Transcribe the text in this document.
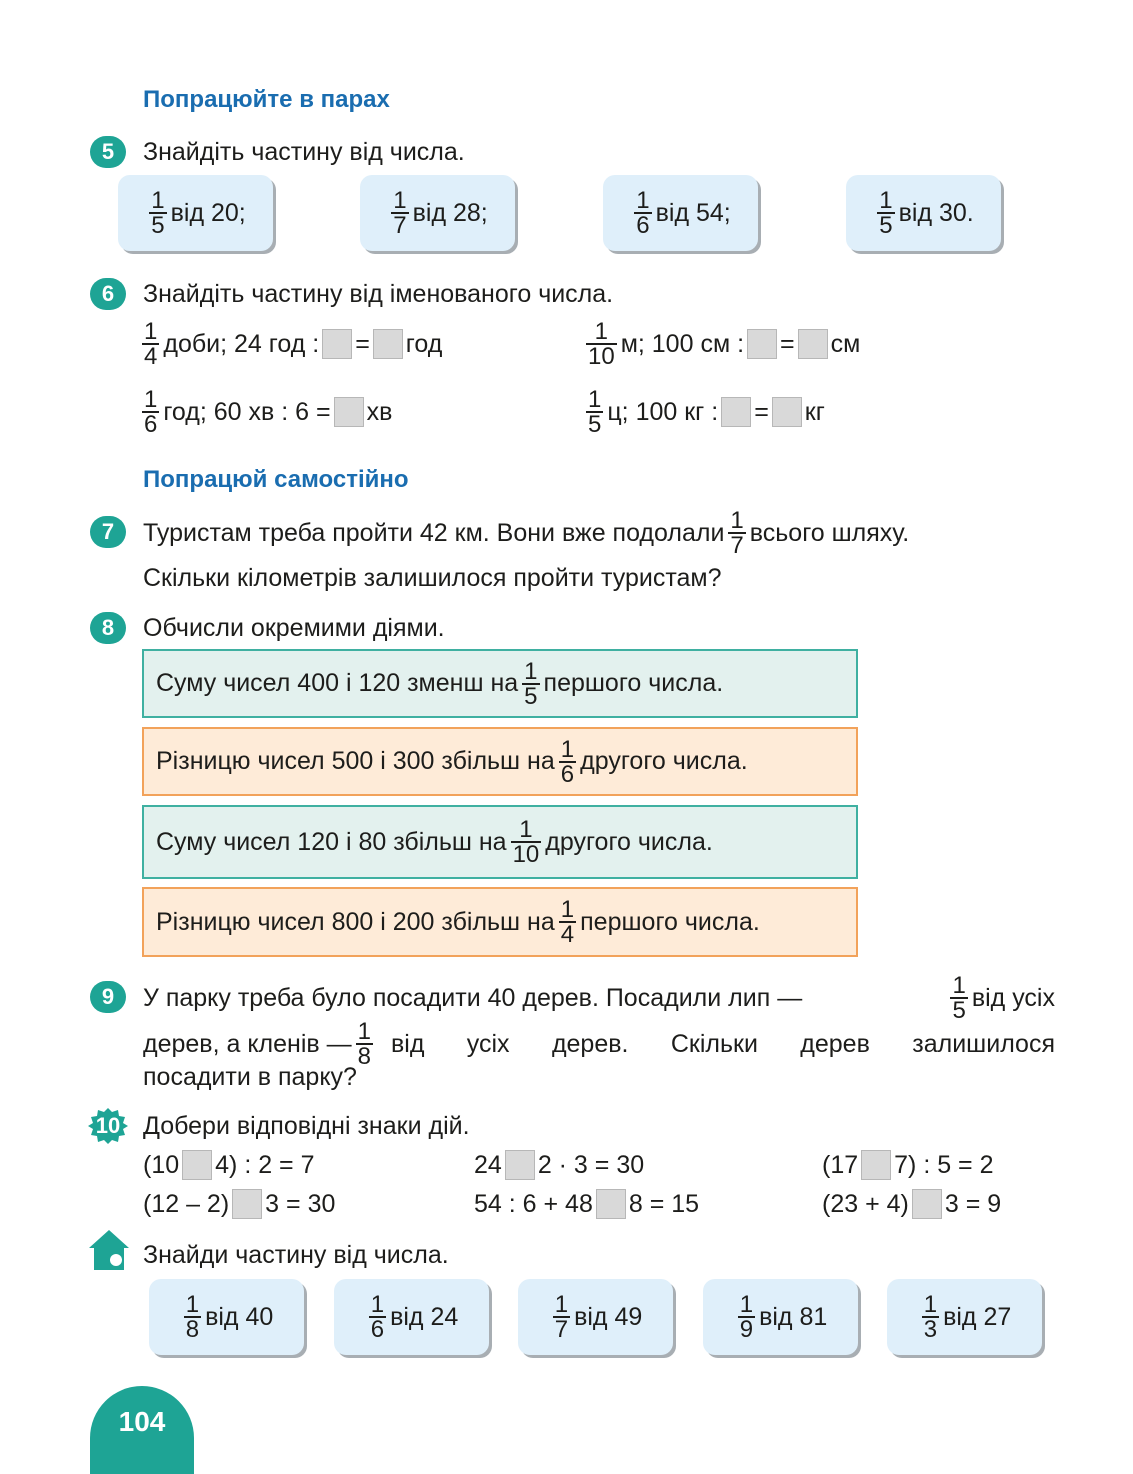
Попрацюйте в парах
5	Знайдіть частину від числа.
$\frac{1}{5}$ від 20;	$\frac{1}{7}$ від 28;	$\frac{1}{6}$ від 54;	$\frac{1}{5}$ від 30.
6	Знайдіть частину від іменованого числа.
$\frac{1}{4}$ доби; 24 год : = год	$\frac{1}{10} м$; 100 см : = см
$\frac{1}{6}$ год; 60 хв : 6 = хв	$\frac{1}{5} ц$; 100 кг : = кг
Попрацюй самостійно
7	Туристам треба пройти 42 км. Вони вже подолали $\frac{1}{7}$ всього шляху.
Скільки кілометрів залишилося пройти туристам?
8	Обчисли окремими діями.
Суму чисел 400 і 120 зменш на $\frac{1}{5}$ першого числа.
Різницю чисел 500 і 300 збільш на $\frac{1}{6}$ другого числа.
Суму чисел 120 і 80 збільш на $\frac{1}{10}$ другого числа.
Різницю чисел 800 і 200 збільш на $\frac{1}{4}$ першого числа.
9	У парку треба було посадити 40 дерев. Посадили лип —	$\frac{1}{5}$ від усіх
дерев, а кленів — $\frac{1}{8}$ від усіх дерев. Скільки дерев залишилося
посадити в парку?
10 Добери відповідні знаки дій.
(10 4) : 2 = 7	24 2 · 3 = 30	(17 7) : 5 = 2
(12 – 2) 3 = 30	54 : 6 + 48 8 = 15	(23 + 4) 3 = 9
Знайди частину від числа.
$\frac{1}{8}$ від 40	$\frac{1}{6}$ від 24	$\frac{1}{7}$ від 49	$\frac{1}{9}$ від 81	$\frac{1}{3}$ від 27
104
